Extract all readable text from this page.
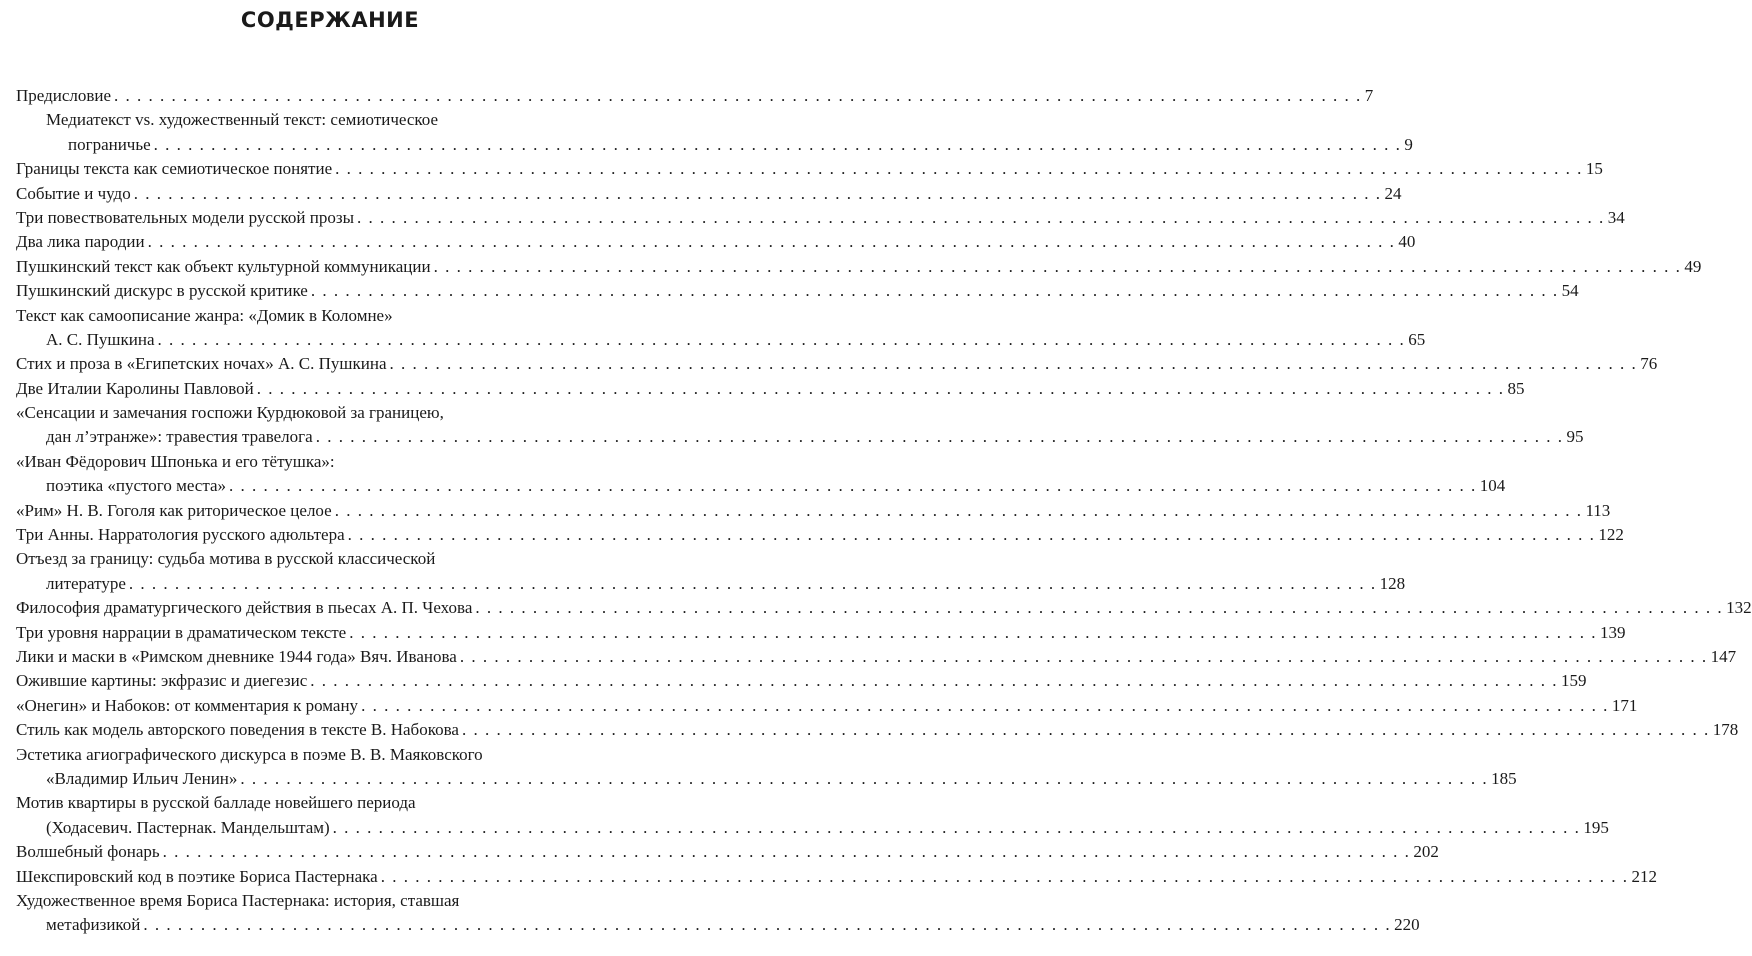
СОДЕРЖАНИЕ
Предисловие . . .	7
Медиатекст vs. художественный текст: семиотическое
пограничье . . .	9
Границы текста как семиотическое понятие . . .	15
Событие и чудо . . .	24
Три повествовательных модели русской прозы . . .	34
Два лика пародии . . .	40
Пушкинский текст как объект культурной коммуникации . . .	49
Пушкинский дискурс в русской критике . . .	54
Текст как самоописание жанра: «Домик в Коломне»
А. С. Пушкина . . .	65
Стих и проза в «Египетских ночах» А. С. Пушкина . . .	76
Две Италии Каролины Павловой . . .	85
«Сенсации и замечания госпожи Курдюковой за границею,
дан л’этранже»: травестия травелога . . .	95
«Иван Фёдорович Шпонька и его тётушка»:
поэтика «пустого места» . . .	104
«Рим» Н. В. Гоголя как риторическое целое . . .	113
Три Анны. Нарратология русского адюльтера . . .	122
Отъезд за границу: судьба мотива в русской классической
литературе . . .	128
Философия драматургического действия в пьесах А. П. Чехова . . .	132
Три уровня наррации в драматическом тексте . . .	139
Лики и маски в «Римском дневнике 1944 года» Вяч. Иванова . . .	147
Ожившие картины: экфразис и диегезис . . .	159
«Онегин» и Набоков: от комментария к роману . . .	171
Стиль как модель авторского поведения в тексте В. Набокова . . .	178
Эстетика агиографического дискурса в поэме В. В. Маяковского
«Владимир Ильич Ленин» . . .	185
Мотив квартиры в русской балладе новейшего периода
(Ходасевич. Пастернак. Мандельштам) . . .	195
Волшебный фонарь . . .	202
Шекспировский код в поэтике Бориса Пастернака . . .	212
Художественное время Бориса Пастернака: история, ставшая
метафизикой . . .	220
